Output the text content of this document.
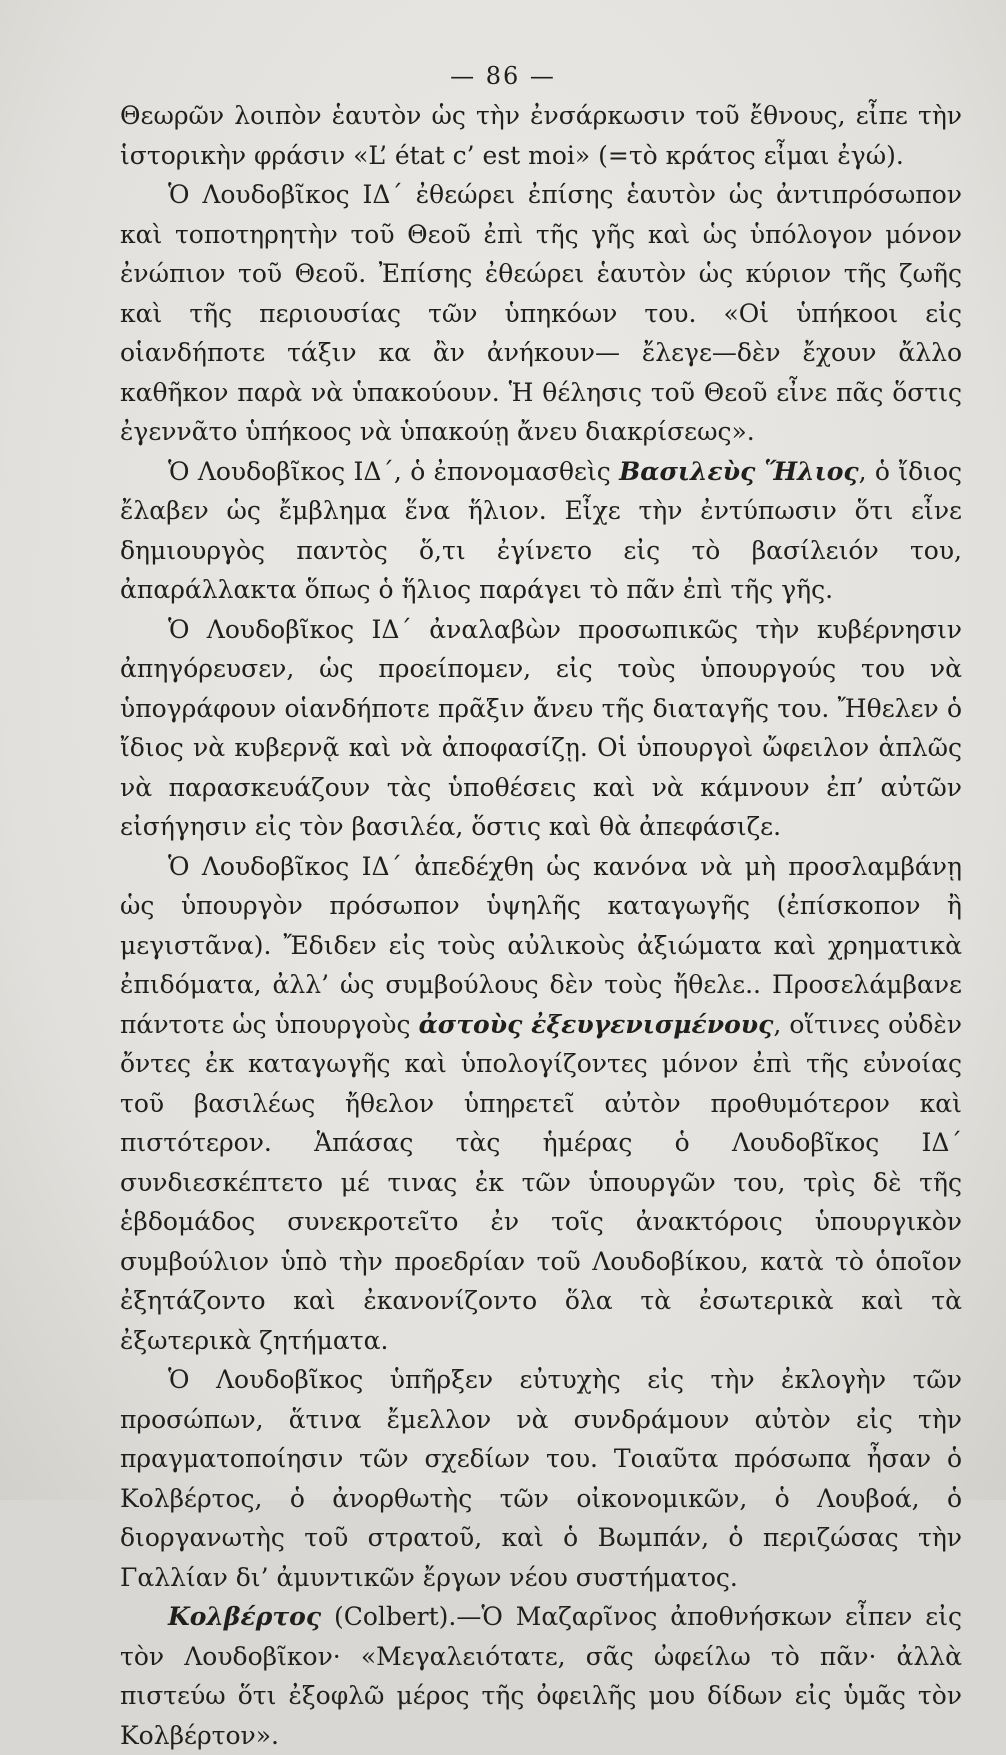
— 86 —

Θεωρῶν λοιπὸν ἑαυτὸν ὡς τὴν ἐνσάρκωσιν τοῦ ἔθνους, εἶπε τὴν ἱστορικὴν φράσιν «L’ état c’ est moi» (=τὸ κράτος εἶμαι ἐγώ).

Ὁ Λουδοβῖκος ΙΔ΄ ἐθεώρει ἐπίσης ἑαυτὸν ὡς ἀντιπρόσωπον καὶ τοποτηρητὴν τοῦ Θεοῦ ἐπὶ τῆς γῆς καὶ ὡς ὑπόλογον μόνον ἐνώπιον τοῦ Θεοῦ. Ἐπίσης ἐθεώρει ἑαυτὸν ὡς κύριον τῆς ζωῆς καὶ τῆς περιουσίας τῶν ὑπηκόων του. «Οἱ ὑπήκοοι εἰς οἱανδήποτε τάξιν κα ἂν ἀνήκουν— ἔλεγε—δὲν ἔχουν ἄλλο καθῆκον παρὰ νὰ ὑπακούουν. Ἡ θέλησις τοῦ Θεοῦ εἶνε πᾶς ὅστις ἐγεννᾶτο ὑπήκοος νὰ ὑπακούῃ ἄνευ διακρίσεως».

Ὁ Λουδοβῖκος ΙΔ΄, ὁ ἐπονομασθεὶς Βασιλεὺς Ἥλιος, ὁ ἴδιος ἔλαβεν ὡς ἔμβλημα ἕνα ἥλιον. Εἶχε τὴν ἐντύπωσιν ὅτι εἶνε δημιουργὸς παντὸς ὅ,τι ἐγίνετο εἰς τὸ βασίλειόν του, ἀπαράλλακτα ὅπως ὁ ἥλιος παράγει τὸ πᾶν ἐπὶ τῆς γῆς.

Ὁ Λουδοβῖκος ΙΔ΄ ἀναλαβὼν προσωπικῶς τὴν κυβέρνησιν ἀπηγόρευσεν, ὡς προείπομεν, εἰς τοὺς ὑπουργούς του νὰ ὑπογράφουν οἱανδήποτε πρᾶξιν ἄνευ τῆς διαταγῆς του. Ἤθελεν ὁ ἴδιος νὰ κυβερνᾷ καὶ νὰ ἀποφασίζῃ. Οἱ ὑπουργοὶ ὤφειλον ἁπλῶς νὰ παρασκευάζουν τὰς ὑποθέσεις καὶ νὰ κάμνουν ἐπ’ αὐτῶν εἰσήγησιν εἰς τὸν βασιλέα, ὅστις καὶ θὰ ἀπεφάσιζε.

Ὁ Λουδοβῖκος ΙΔ΄ ἀπεδέχθη ὡς κανόνα νὰ μὴ προσλαμβάνῃ ὡς ὑπουργὸν πρόσωπον ὑψηλῆς καταγωγῆς (ἐπίσκοπον ἢ μεγιστᾶνα). Ἔδιδεν εἰς τοὺς αὐλικοὺς ἀξιώματα καὶ χρηματικὰ ἐπιδόματα, ἀλλ’ ὡς συμβούλους δὲν τοὺς ἤθελε.. Προσελάμβανε πάντοτε ὡς ὑπουργοὺς ἀστοὺς ἐξευγενισμένους, οἵτινες οὐδὲν ὄντες ἐκ καταγωγῆς καὶ ὑπολογίζοντες μόνον ἐπὶ τῆς εὐνοίας τοῦ βασιλέως ἤθελον ὑπηρετεῖ αὐτὸν προθυμότερον καὶ πιστότερον. Ἁπάσας τὰς ἡμέρας ὁ Λουδοβῖκος ΙΔ΄ συνδιεσκέπτετο μέ τινας ἐκ τῶν ὑπουργῶν του, τρὶς δὲ τῆς ἑβδομάδος συνεκροτεῖτο ἐν τοῖς ἀνακτόροις ὑπουργικὸν συμβούλιον ὑπὸ τὴν προεδρίαν τοῦ Λουδοβίκου, κατὰ τὸ ὁποῖον ἐξητάζοντο καὶ ἐκανονίζοντο ὅλα τὰ ἐσωτερικὰ καὶ τὰ ἐξωτερικὰ ζητήματα.

Ὁ Λουδοβῖκος ὑπῆρξεν εὐτυχὴς εἰς τὴν ἐκλογὴν τῶν προσώπων, ἅτινα ἔμελλον νὰ συνδράμουν αὐτὸν εἰς τὴν πραγματοποίησιν τῶν σχεδίων του. Τοιαῦτα πρόσωπα ἦσαν ὁ Κολβέρτος, ὁ ἀνορθωτὴς τῶν οἰκονομικῶν, ὁ Λουβοά, ὁ διοργανωτὴς τοῦ στρατοῦ, καὶ ὁ Βωμπάν, ὁ περιζώσας τὴν Γαλλίαν δι’ ἀμυντικῶν ἔργων νέου συστήματος.

Κολβέρτος (Colbert).—Ὁ Μαζαρῖνος ἀποθνήσκων εἶπεν εἰς τὸν Λουδοβῖκον· «Μεγαλειότατε, σᾶς ὠφείλω τὸ πᾶν· ἀλλὰ πιστεύω ὅτι ἐξοφλῶ μέρος τῆς ὀφειλῆς μου δίδων εἰς ὑμᾶς τὸν Κολβέρτον».
